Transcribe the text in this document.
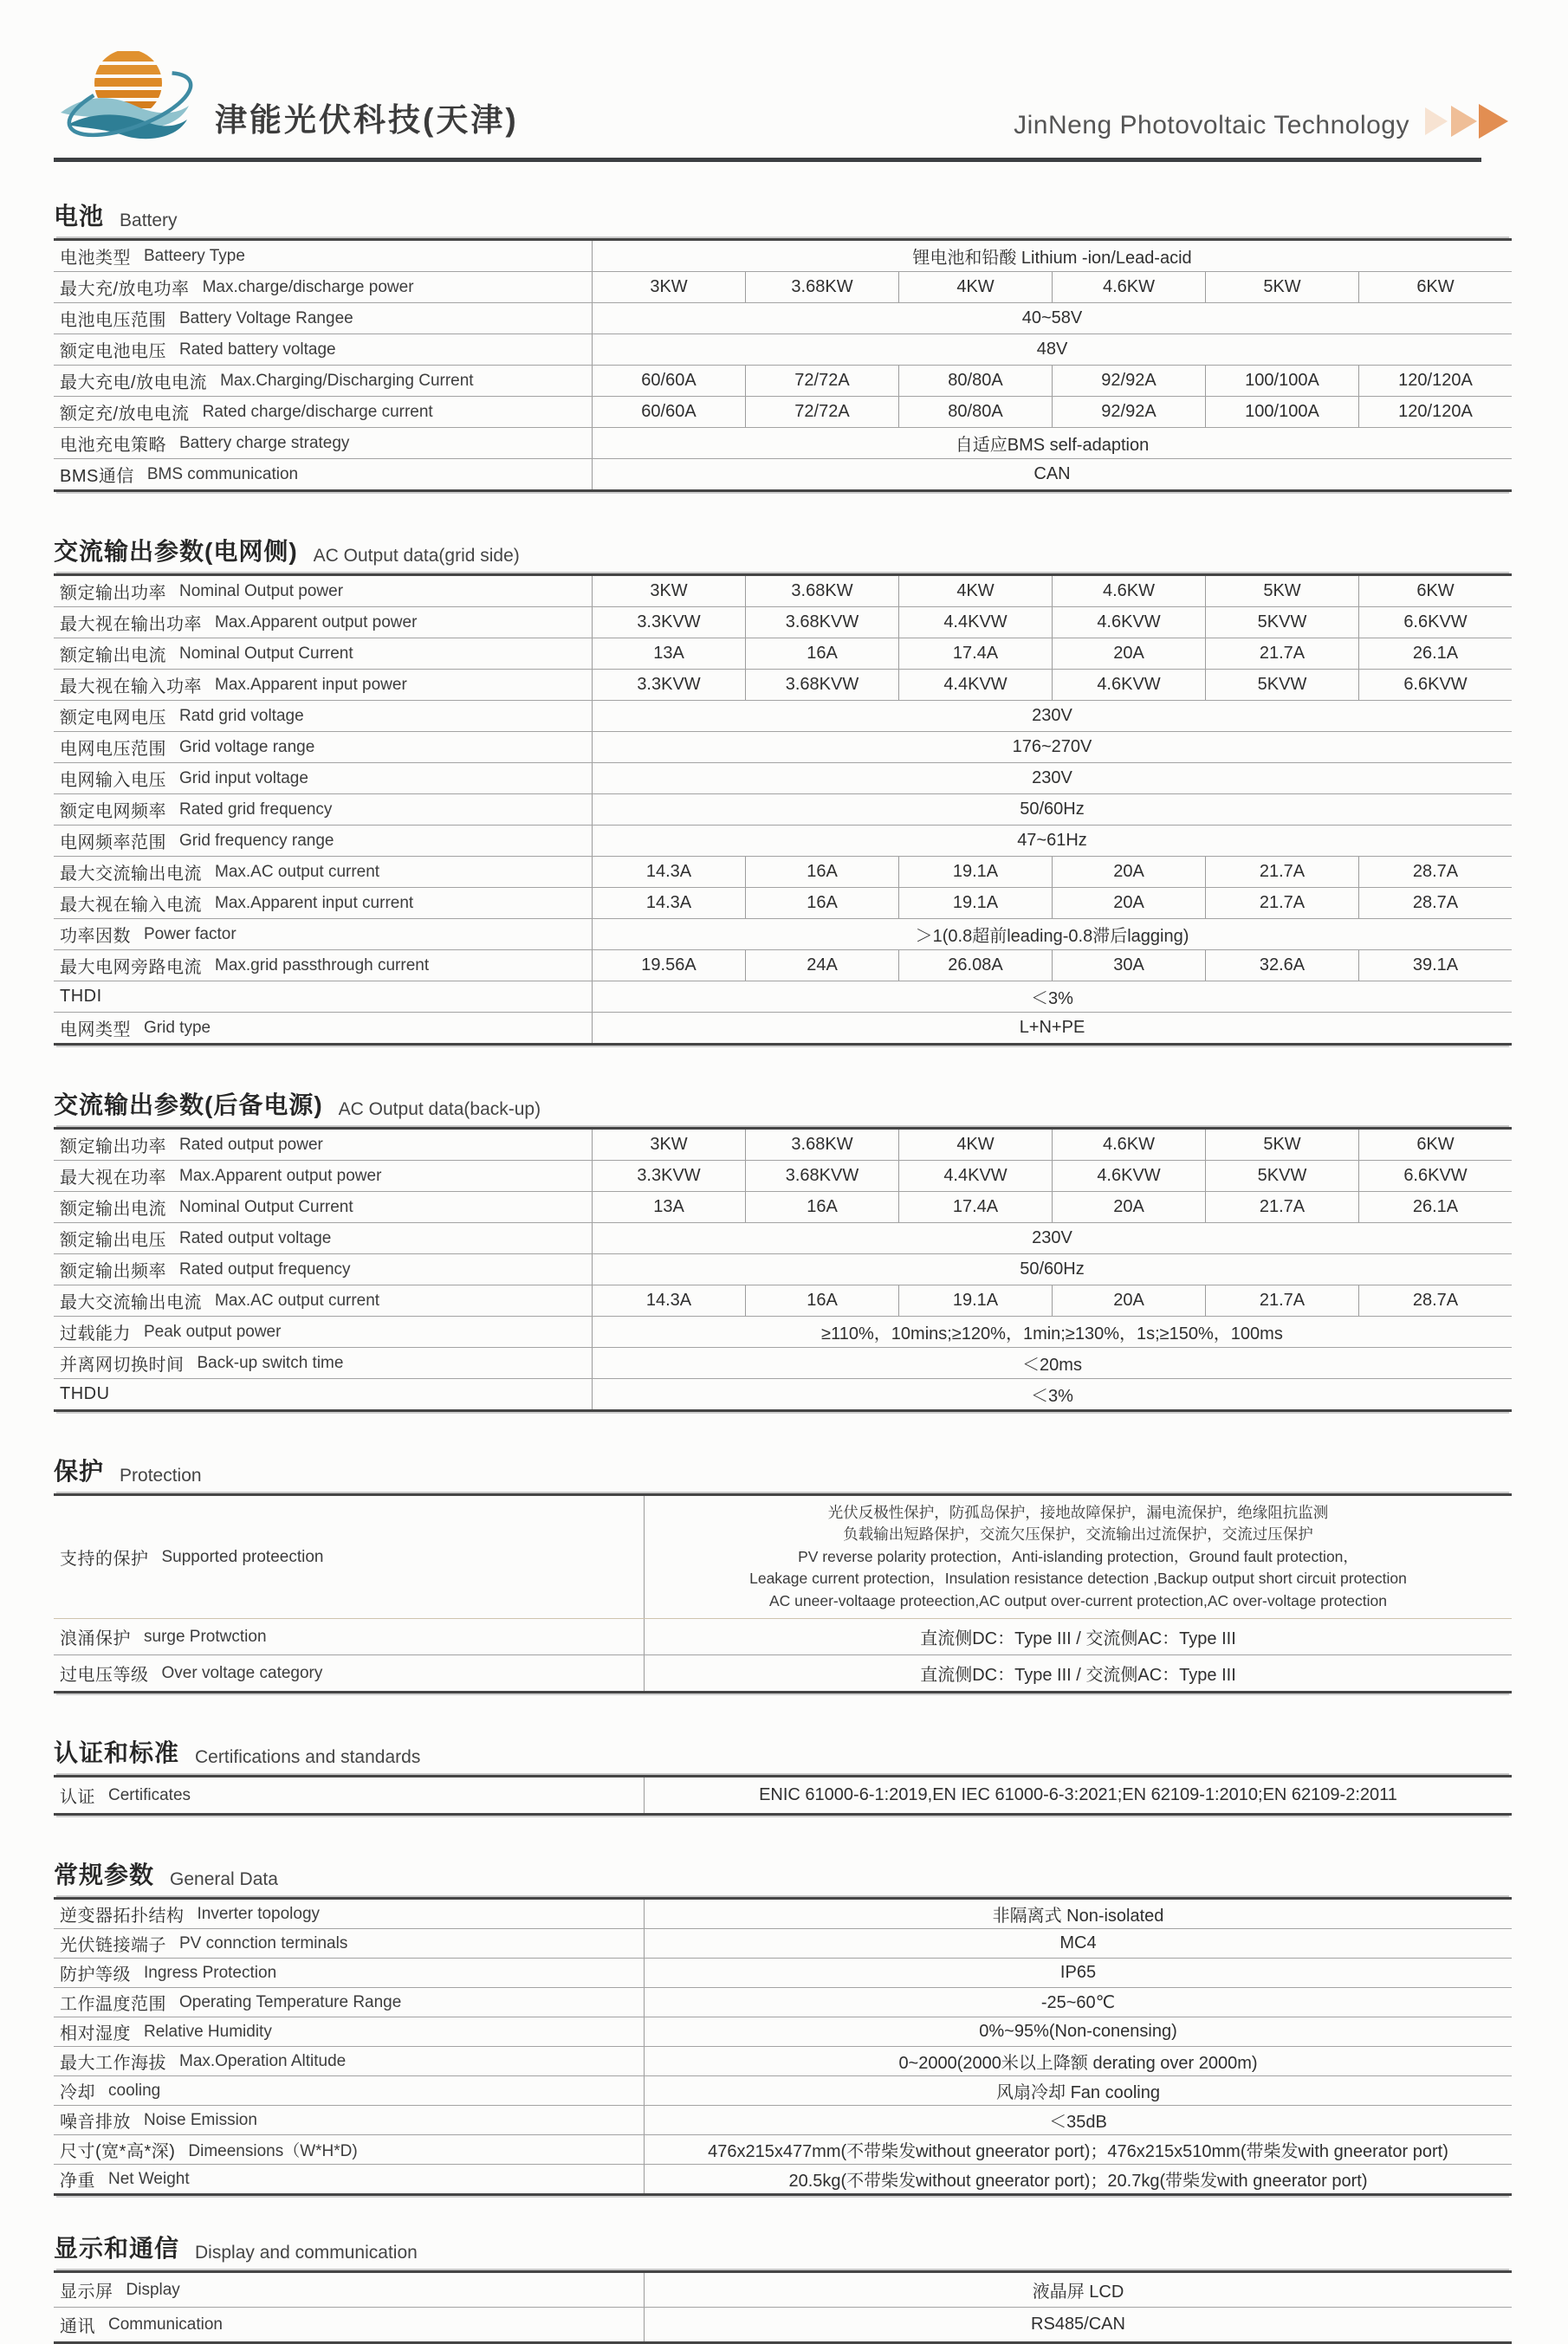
津能光伏科技(天津)	JinNeng Photovoltaic Technology
电池 Battery
电池类型 Batteery Type	锂电池和铅酸 Lithium -ion/Lead-acid
最大充/放电功率 Max.charge/discharge power	3KW	3.68KW	4KW	4.6KW	5KW	6KW
电池电压范围 Battery Voltage Rangee	40~58V
额定电池电压 Rated battery voltage	48V
最大充电/放电电流 Max.Charging/Discharging Current	60/60A	72/72A	80/80A	92/92A	100/100A	120/120A
额定充/放电电流 Rated charge/discharge current	60/60A	72/72A	80/80A	92/92A	100/100A	120/120A
电池充电策略 Battery charge strategy	自适应BMS self-adaption
BMS通信 BMS communication	CAN
交流输出参数(电网侧) AC Output data(grid side)
额定输出功率 Nominal Output power	3KW	3.68KW	4KW	4.6KW	5KW	6KW
最大视在输出功率 Max.Apparent output power	3.3KVW	3.68KVW	4.4KVW	4.6KVW	5KVW	6.6KVW
额定输出电流 Nominal Output Current	13A	16A	17.4A	20A	21.7A	26.1A
最大视在输入功率 Max.Apparent input power	3.3KVW	3.68KVW	4.4KVW	4.6KVW	5KVW	6.6KVW
额定电网电压 Ratd grid voltage	230V
电网电压范围 Grid voltage range	176~270V
电网输入电压 Grid input voltage	230V
额定电网频率 Rated grid frequency	50/60Hz
电网频率范围 Grid frequency range	47~61Hz
最大交流输出电流 Max.AC output current	14.3A	16A	19.1A	20A	21.7A	28.7A
最大视在输入电流 Max.Apparent input current	14.3A	16A	19.1A	20A	21.7A	28.7A
功率因数 Power factor	＞1(0.8超前leading-0.8滞后lagging)
最大电网旁路电流 Max.grid passthrough current	19.56A	24A	26.08A	30A	32.6A	39.1A
THDI	＜3%
电网类型 Grid type	L+N+PE
交流输出参数(后备电源) AC Output data(back-up)
额定输出功率 Rated output power	3KW	3.68KW	4KW	4.6KW	5KW	6KW
最大视在功率 Max.Apparent output power	3.3KVW	3.68KVW	4.4KVW	4.6KVW	5KVW	6.6KVW
额定输出电流 Nominal Output Current	13A	16A	17.4A	20A	21.7A	26.1A
额定输出电压 Rated output voltage	230V
额定输出频率 Rated output frequency	50/60Hz
最大交流输出电流 Max.AC output current	14.3A	16A	19.1A	20A	21.7A	28.7A
过载能力 Peak output power	≥110%，10mins;≥120%，1min;≥130%，1s;≥150%，100ms
并离网切换时间 Back-up switch time	＜20ms
THDU	＜3%
保护 Protection
支持的保护 Supported proteection
光伏反极性保护，防孤岛保护，接地故障保护，漏电流保护，绝缘阻抗监测
负载输出短路保护，交流欠压保护，交流输出过流保护，交流过压保护
PV reverse polarity protection，Anti-islanding protection，Ground fault protection，
Leakage current protection，Insulation resistance detection ,Backup output short circuit protection
AC uneer-voltaage proteection,AC output over-current protection,AC over-voltage protection
浪涌保护 surge Protwction	直流侧DC：Type III / 交流侧AC：Type III
过电压等级 Over voltage category	直流侧DC：Type III / 交流侧AC：Type III
认证和标准 Certifications and standards
认证 Certificates	ENIC 61000-6-1:2019,EN IEC 61000-6-3:2021;EN 62109-1:2010;EN 62109-2:2011
常规参数 General Data
逆变器拓扑结构 Inverter topology	非隔离式 Non-isolated
光伏链接端子 PV connction terminals	MC4
防护等级 Ingress Protection	IP65
工作温度范围 Operating Temperature Range	-25~60℃
相对湿度 Relative Humidity	0%~95%(Non-conensing)
最大工作海拔 Max.Operation Altitude	0~2000(2000米以上降额 derating over 2000m)
冷却 cooling	风扇冷却 Fan cooling
噪音排放 Noise Emission	＜35dB
尺寸(宽*高*深) Dimeensions（W*H*D)	476x215x477mm(不带柴发without gneerator port)；476x215x510mm(带柴发with gneerator port)
净重 Net Weight	20.5kg(不带柴发without gneerator port)；20.7kg(带柴发with gneerator port)
显示和通信 Display and communication
显示屏 Display	液晶屏 LCD
通讯 Communication	RS485/CAN
